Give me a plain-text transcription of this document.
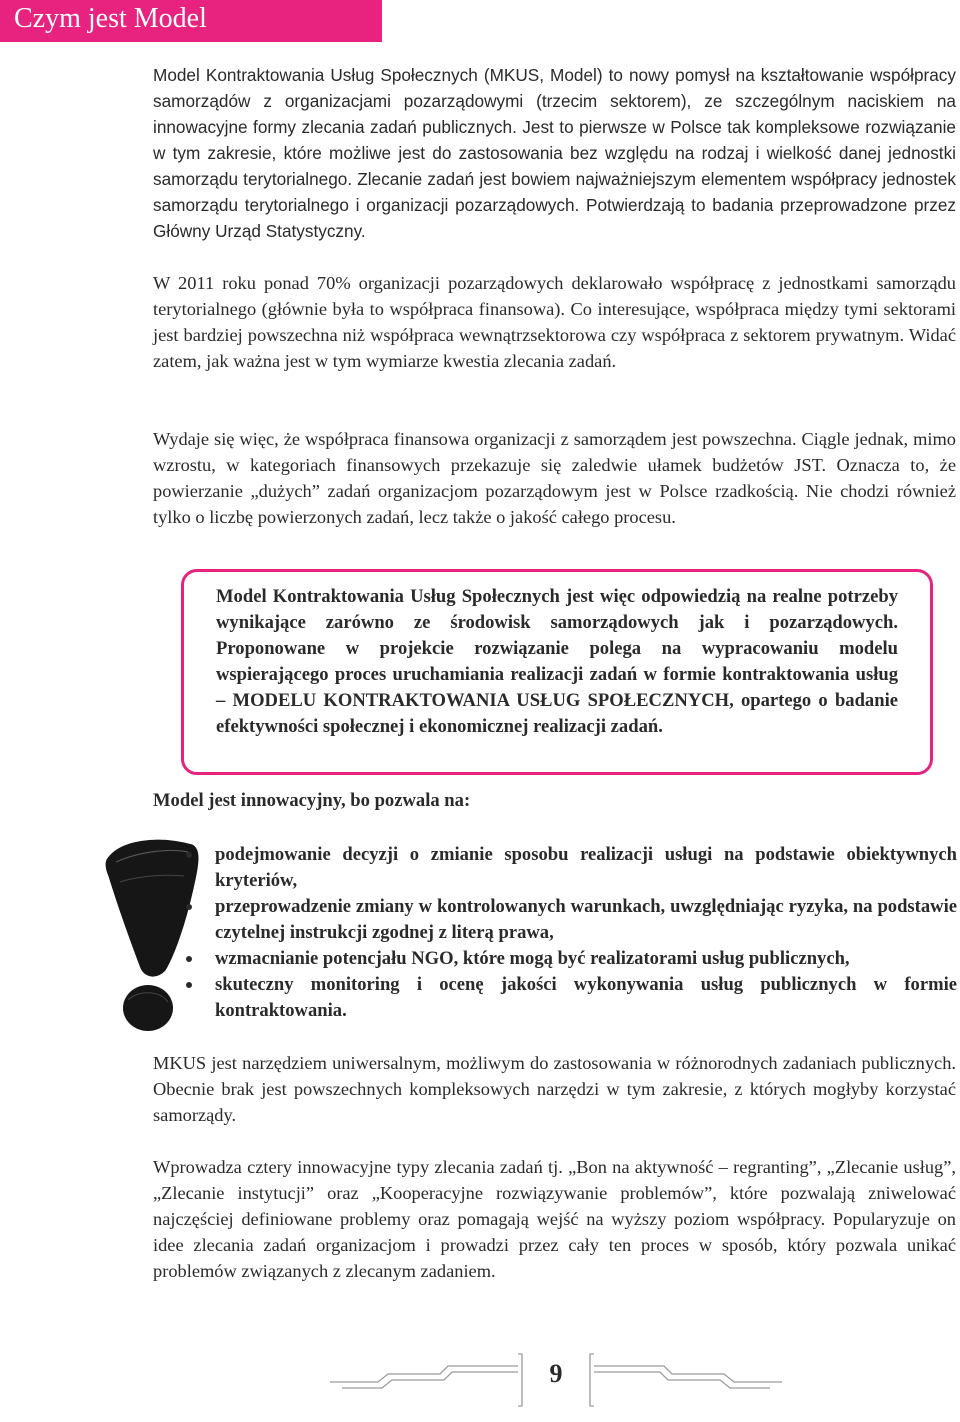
Czym jest Model

Model Kontraktowania Usług Społecznych (MKUS, Model) to nowy pomysł na kształtowanie współpracy samorządów z organizacjami pozarządowymi (trzecim sektorem), ze szczególnym naciskiem na innowacyjne formy zlecania zadań publicznych. Jest to pierwsze w Polsce tak kompleksowe rozwiązanie w tym zakresie, które możliwe jest do zastosowania bez względu na rodzaj i wielkość danej jednostki samorządu terytorialnego. Zlecanie zadań jest bowiem najważniejszym elementem współpracy jednostek samorządu terytorialnego i organizacji pozarządowych. Potwierdzają to badania przeprowadzone przez Główny Urząd Statystyczny.

W 2011 roku ponad 70% organizacji pozarządowych deklarowało współpracę z jednostkami samorządu terytorialnego (głównie była to współpraca finansowa). Co interesujące, współpraca między tymi sektorami jest bardziej powszechna niż współpraca wewnątrzsektorowa czy współpraca z sektorem prywatnym. Widać zatem, jak ważna jest w tym wymiarze kwestia zlecania zadań.

Wydaje się więc, że współpraca finansowa organizacji z samorządem jest powszechna. Ciągle jednak, mimo wzrostu, w kategoriach finansowych przekazuje się zaledwie ułamek budżetów JST. Oznacza to, że powierzanie „dużych” zadań organizacjom pozarządowym jest w Polsce rzadkością. Nie chodzi również tylko o liczbę powierzonych zadań, lecz także o jakość całego procesu.

Model Kontraktowania Usług Społecznych jest więc odpowiedzią na realne potrzeby wynikające zarówno ze środowisk samorządowych jak i pozarządowych. Proponowane w projekcie rozwiązanie polega na wypracowaniu modelu wspierającego proces uruchamiania realizacji zadań w formie kontraktowania usług – MODELU KONTRAKTOWANIA USŁUG SPOŁECZNYCH, opartego o badanie efektywności społecznej i ekonomicznej realizacji zadań.

Model jest innowacyjny, bo pozwala na:

podejmowanie decyzji o zmianie sposobu realizacji usługi na podstawie obiektywnych kryteriów,
przeprowadzenie zmiany w kontrolowanych warunkach, uwzględniając ryzyka, na podstawie czytelnej instrukcji zgodnej z literą prawa,
wzmacnianie potencjału NGO, które mogą być realizatorami usług publicznych,
skuteczny monitoring i ocenę jakości wykonywania usług publicznych w formie kontraktowania.

MKUS jest narzędziem uniwersalnym, możliwym do zastosowania w różnorodnych zadaniach publicznych. Obecnie brak jest powszechnych kompleksowych narzędzi w tym zakresie, z których mogłyby korzystać samorządy.

Wprowadza cztery innowacyjne typy zlecania zadań tj. „Bon na aktywność – regranting”, „Zlecanie usług”, „Zlecanie instytucji” oraz „Kooperacyjne rozwiązywanie problemów”, które pozwalają zniwelować najczęściej definiowane problemy oraz pomagają wejść na wyższy poziom współpracy. Popularyzuje on idee zlecania zadań organizacjom i prowadzi przez cały ten proces w sposób, który pozwala unikać problemów związanych z zlecanym zadaniem.

9
